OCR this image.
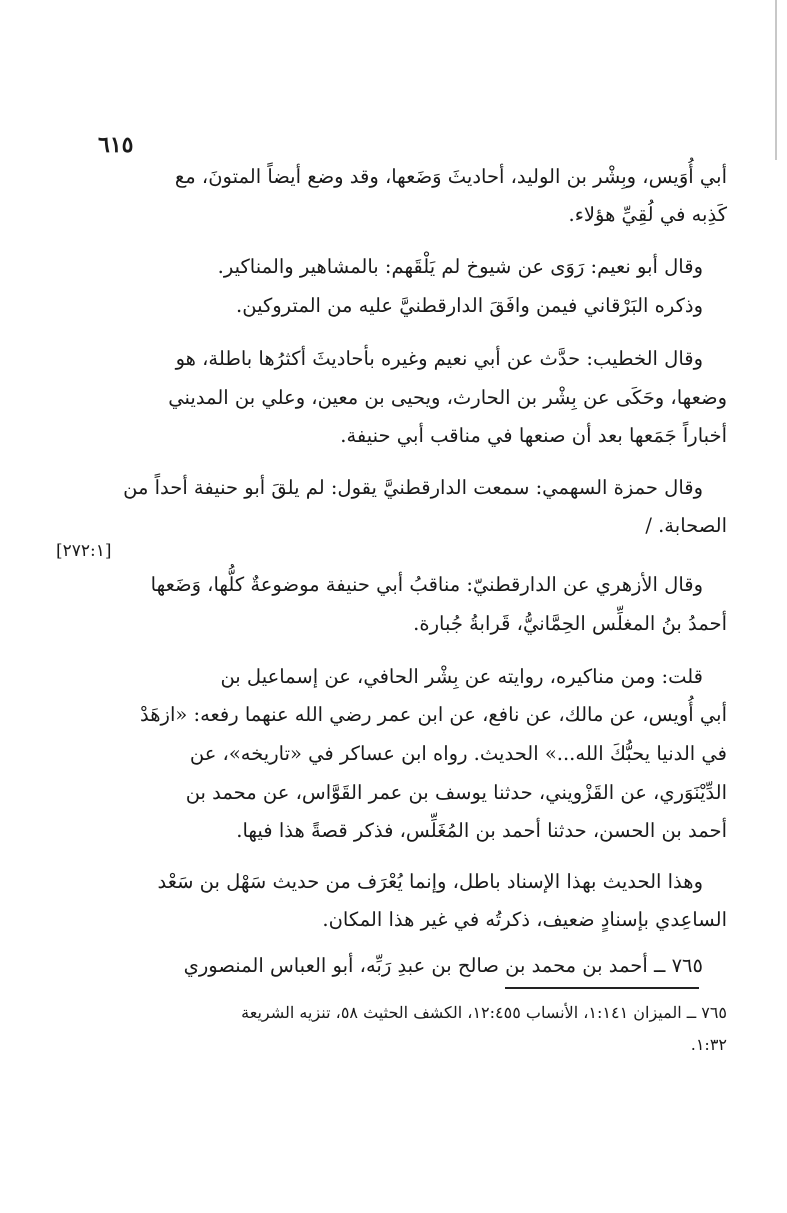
٦١٥
أبي أُوَيس، وبِشْر بن الوليد، أحاديثَ وَضَعها، وقد وضع أيضاً المتونَ، مع
كَذِبه في لُقِيِّ هؤلاء.
وقال أبو نعيم: رَوَى عن شيوخ لم يَلْقَهم: بالمشاهير والمناكير.
وذكره البَرْقاني فيمن وافَقَ الدارقطنيَّ عليه من المتروكين.
وقال الخطيب: حدَّث عن أبي نعيم وغيره بأحاديثَ أكثرُها باطلة، هو
وضعها، وحَكَى عن بِشْر بن الحارث، ويحيى بن معين، وعلي بن المديني
أخباراً جَمَعها بعد أن صنعها في مناقب أبي حنيفة.
وقال حمزة السهمي: سمعت الدارقطنيَّ يقول: لم يلقَ أبو حنيفة أحداً من
الصحابة. /
وقال الأزهري عن الدارقطنيّ: مناقبُ أبي حنيفة موضوعةٌ كلُّها، وَضَعها
أحمدُ بنُ المغلِّس الحِمَّانيُّ، قَرابةُ جُبارة.
قلت: ومن مناكيره، روايته عن بِشْر الحافي، عن إسماعيل بن
أبي أُويس، عن مالك، عن نافع، عن ابن عمر رضي الله عنهما رفعه: «ازهَدْ
في الدنيا يحبُّكَ الله...» الحديث. رواه ابن عساكر في «تاريخه»، عن
الدِّيْنَوَري، عن القَزْويني، حدثنا يوسف بن عمر القَوَّاس، عن محمد بن
أحمد بن الحسن، حدثنا أحمد بن المُغَلِّس، فذكر قصةً هذا فيها.
وهذا الحديث بهذا الإسناد باطل، وإنما يُعْرَف من حديث سَهْل بن سَعْد
الساعِدي بإسنادٍ ضعيف، ذكرتُه في غير هذا المكان.
٧٦٥ ــ أحمد بن محمد بن صالح بن عبدِ رَبِّه، أبو العباس المنصوري
[٢٧٢:١]
٧٦٥ ــ الميزان ١:١٤١، الأنساب ١٢:٤٥٥، الكشف الحثيث ٥٨، تنزيه الشريعة
١:٣٢.
